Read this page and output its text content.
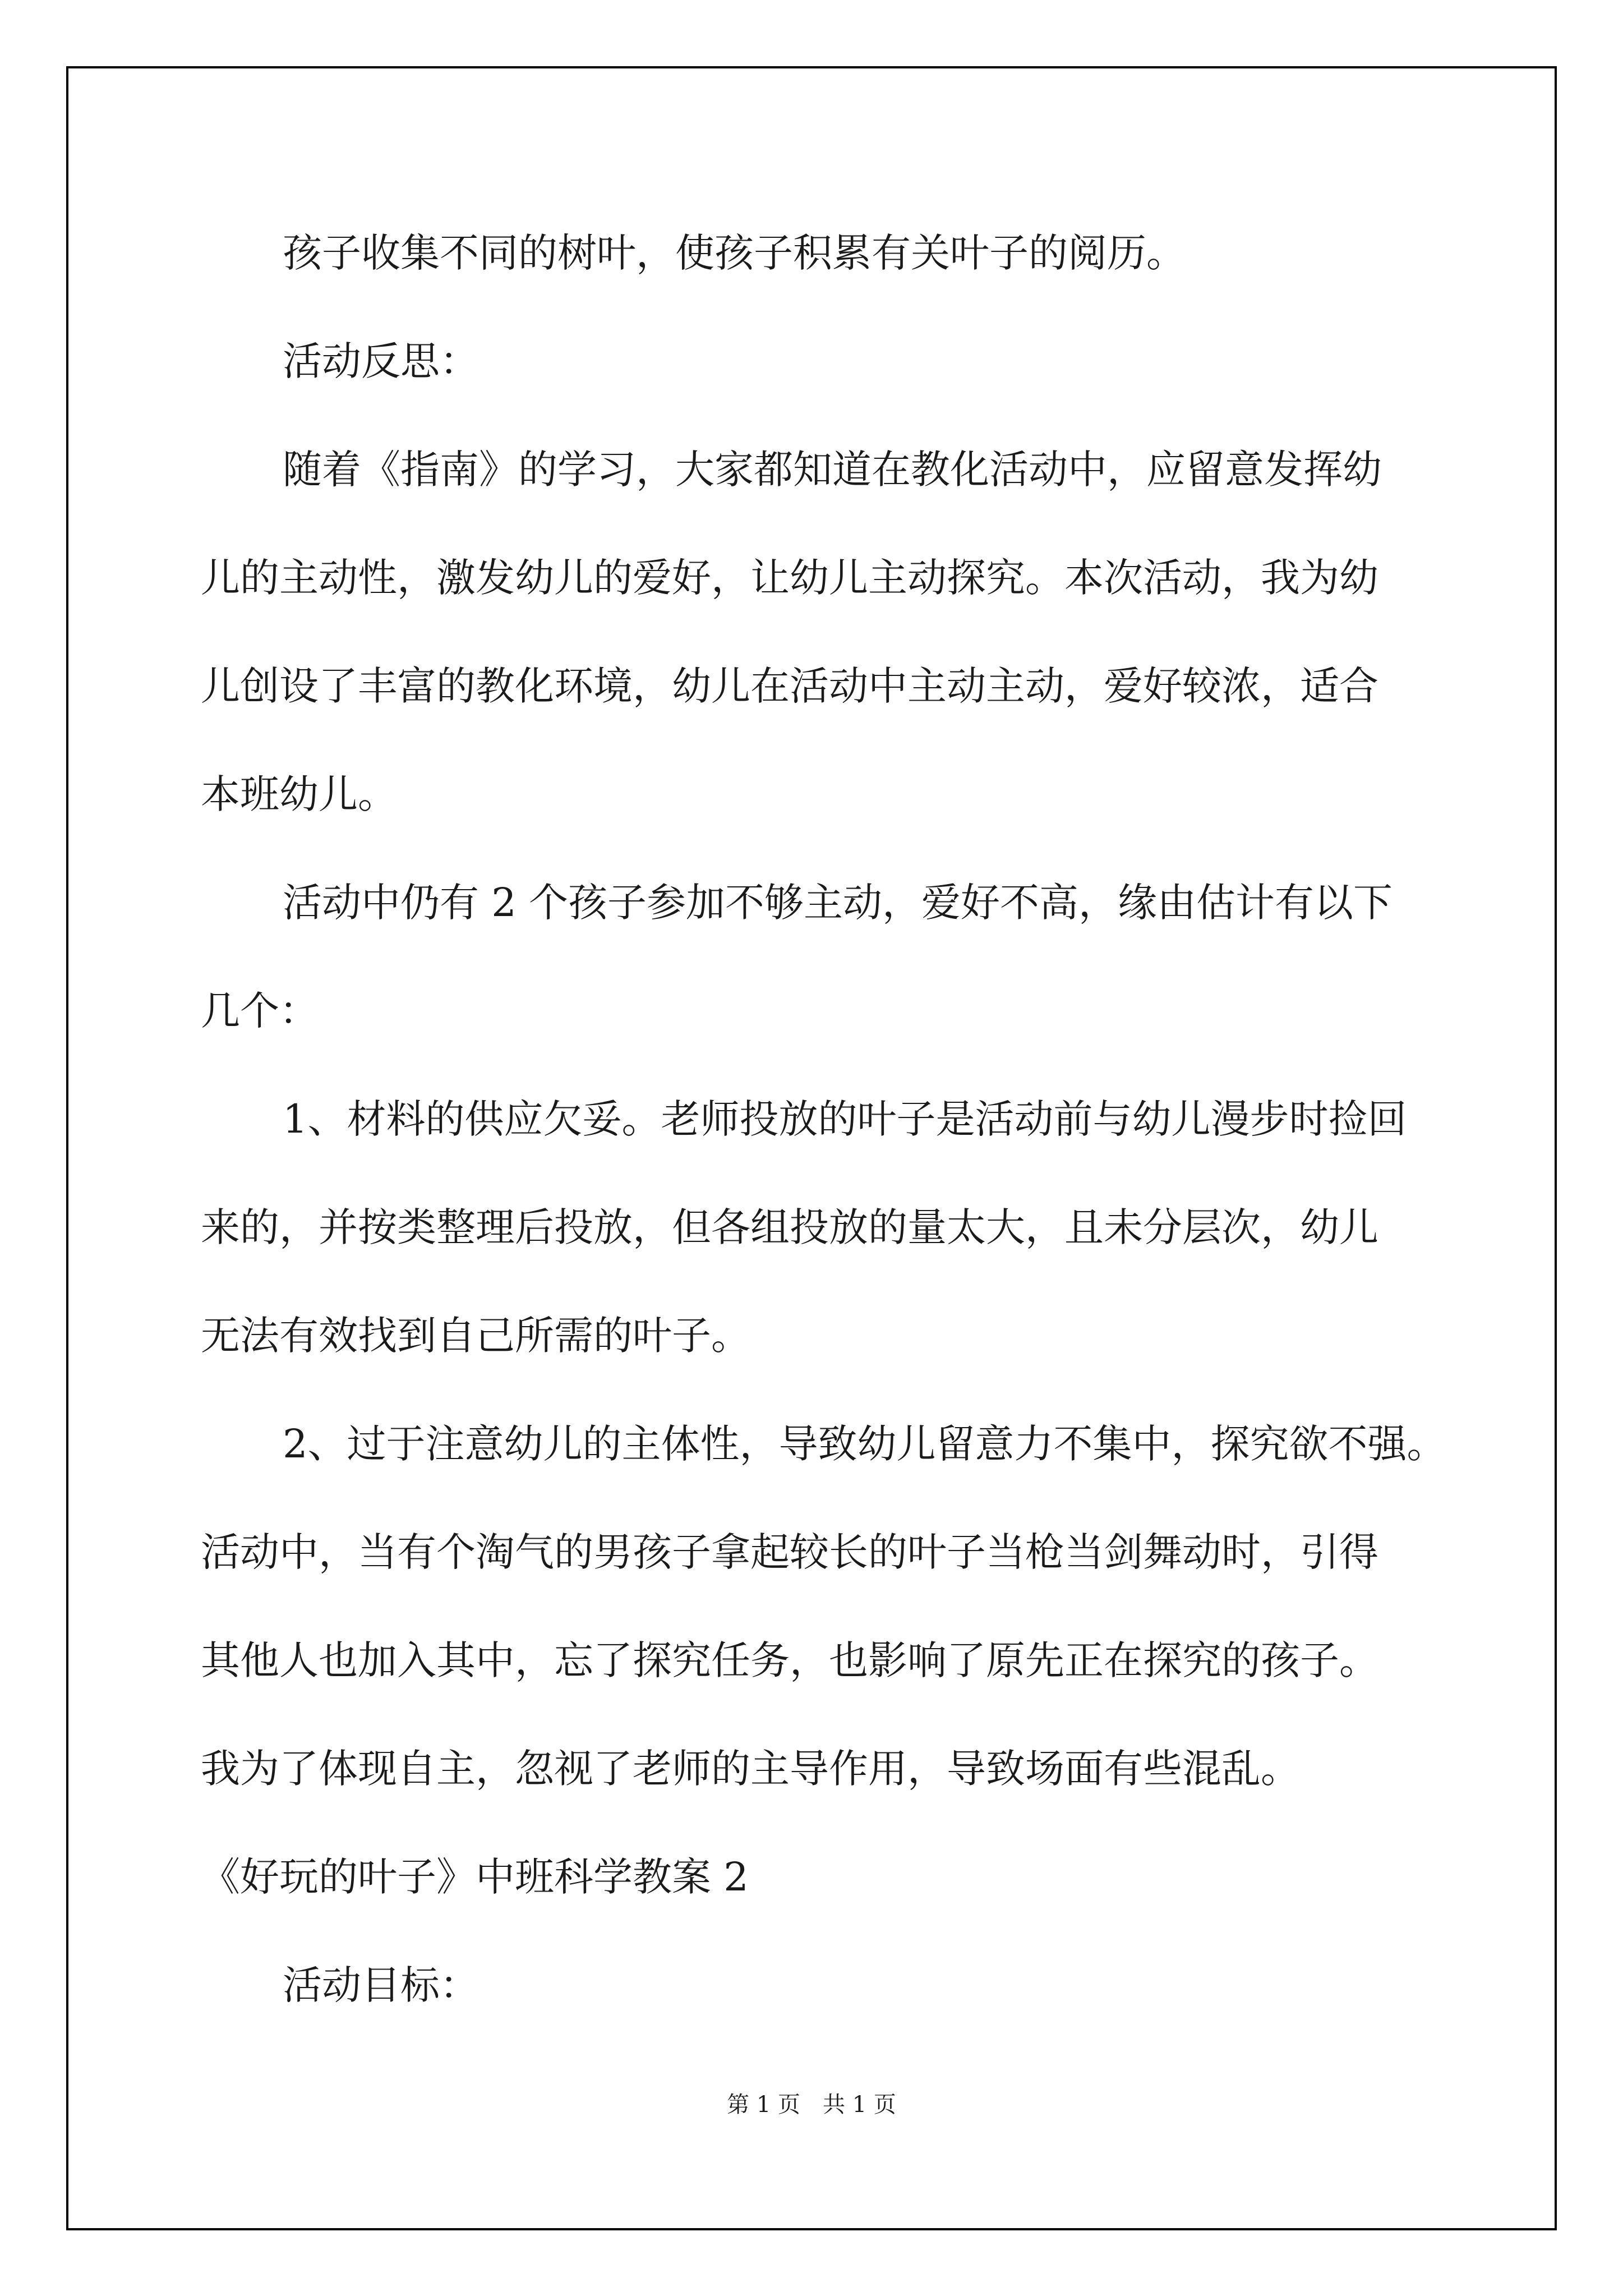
孩子收集不同的树叶，使孩子积累有关叶子的阅历。
活动反思：
随着《指南》的学习，大家都知道在教化活动中，应留意发挥幼
儿的主动性，激发幼儿的爱好，让幼儿主动探究。本次活动，我为幼
儿创设了丰富的教化环境，幼儿在活动中主动主动，爱好较浓，适合
本班幼儿。
活动中仍有 2 个孩子参加不够主动，爱好不高，缘由估计有以下
几个：
1、材料的供应欠妥。老师投放的叶子是活动前与幼儿漫步时捡回
来的，并按类整理后投放，但各组投放的量太大，且未分层次，幼儿
无法有效找到自己所需的叶子。
2、过于注意幼儿的主体性，导致幼儿留意力不集中，探究欲不强。
活动中，当有个淘气的男孩子拿起较长的叶子当枪当剑舞动时，引得
其他人也加入其中，忘了探究任务，也影响了原先正在探究的孩子。
我为了体现自主，忽视了老师的主导作用，导致场面有些混乱。
《好玩的叶子》中班科学教案 2
活动目标：
第 1 页　共 1 页
